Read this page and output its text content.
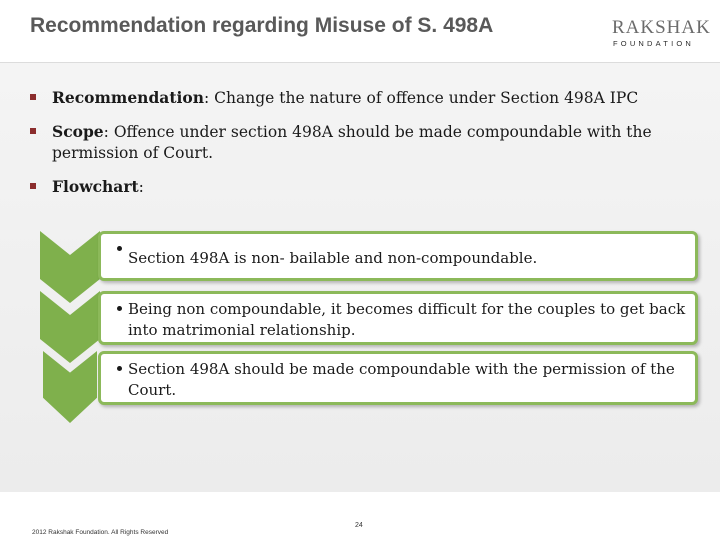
Recommendation regarding Misuse of S. 498A	RAKSHAK
FOUNDATION
Recommendation: Change the nature of offence under Section 498A IPC
Scope: Offence under section 498A should be made compoundable with the permission of Court.
Flowchart:
Section 498A is non- bailable and non-compoundable.
Being non compoundable, it becomes difficult for the couples to get back into matrimonial relationship.
Section 498A should be made compoundable with the permission of the Court.
2012 Rakshak Foundation. All Rights Reserved
24
